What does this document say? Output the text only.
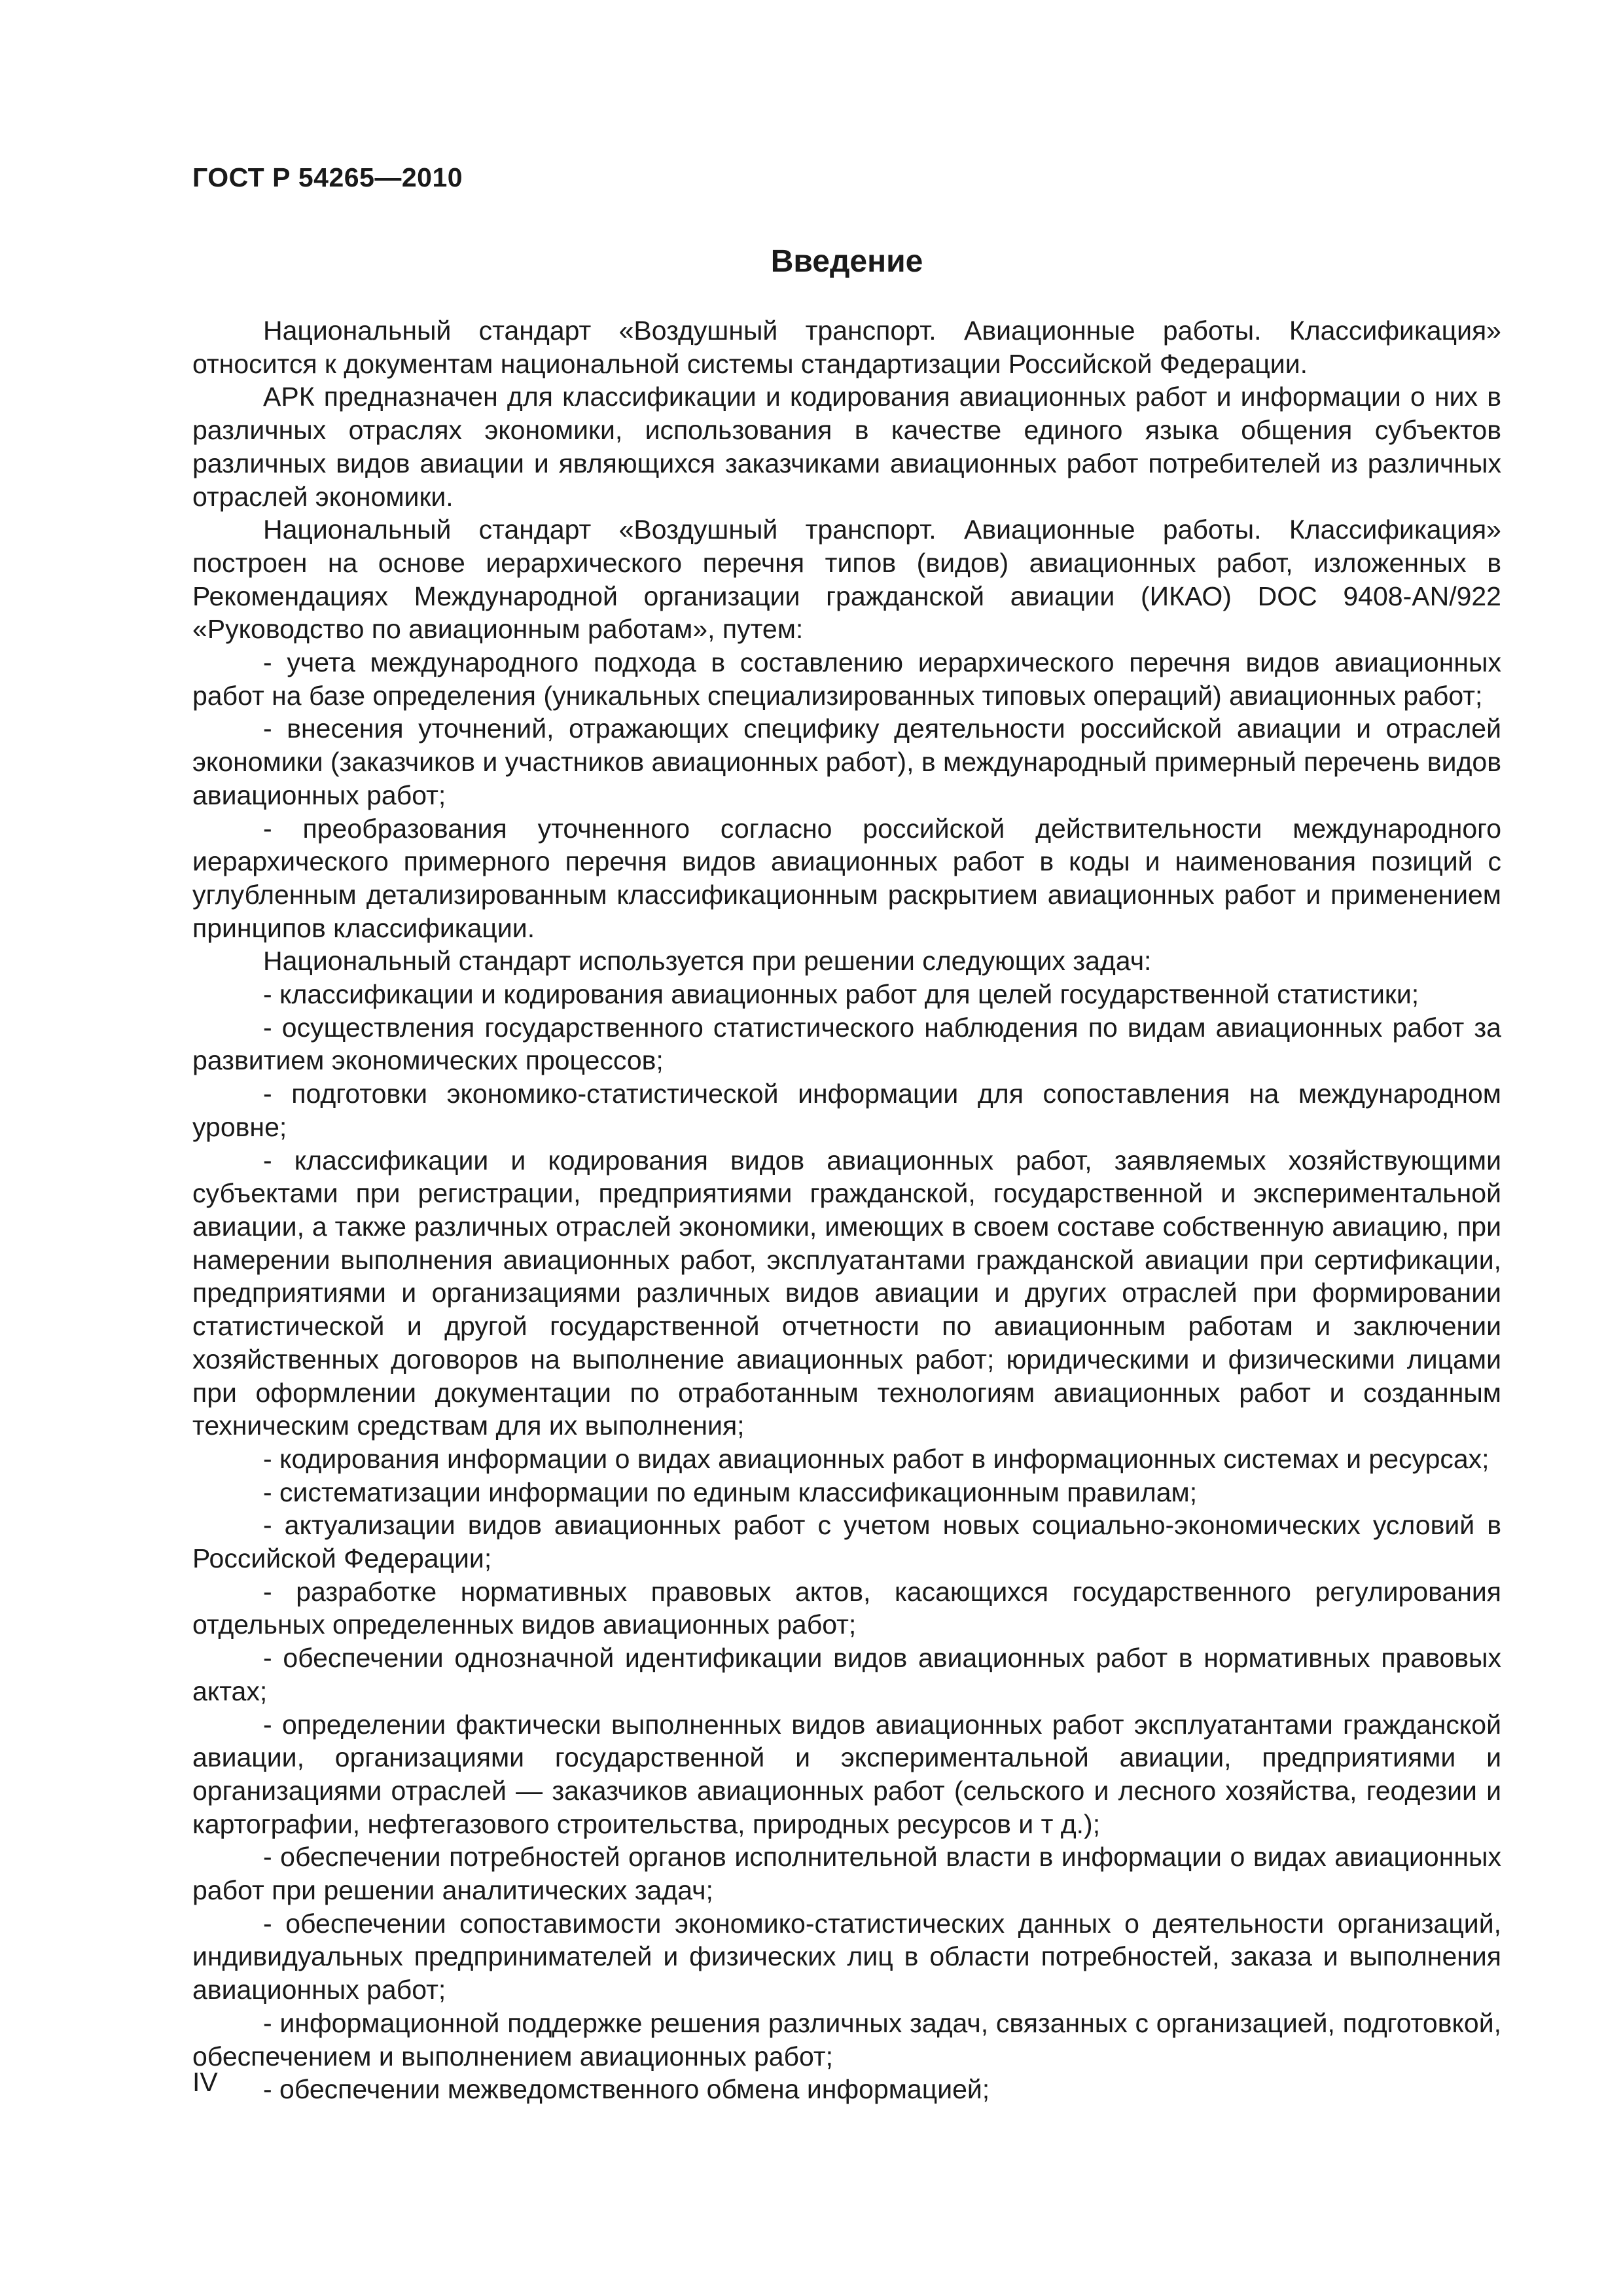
ГОСТ Р 54265—2010
Введение

Национальный стандарт «Воздушный транспорт. Авиационные работы. Классификация» относится к документам национальной системы стандартизации Российской Федерации.

АРК предназначен для классификации и кодирования авиационных работ и информации о них в различных отраслях экономики, использования в качестве единого языка общения субъектов различных видов авиации и являющихся заказчиками авиационных работ потребителей из различных отраслей экономики.

Национальный стандарт «Воздушный транспорт. Авиационные работы. Классификация» построен на основе иерархического перечня типов (видов) авиационных работ, изложенных в Рекомендациях Международной организации гражданской авиации (ИКАО) DOC 9408-AN/922 «Руководство по авиационным работам», путем:

- учета международного подхода в составлению иерархического перечня видов авиационных работ на базе определения (уникальных специализированных типовых операций) авиационных работ;

- внесения уточнений, отражающих специфику деятельности российской авиации и отраслей экономики (заказчиков и участников авиационных работ), в международный примерный перечень видов авиационных работ;

- преобразования уточненного согласно российской действительности международного иерархического примерного перечня видов авиационных работ в коды и наименования позиций с углубленным детализированным классификационным раскрытием авиационных работ и применением принципов классификации.

Национальный стандарт используется при решении следующих задач:

- классификации и кодирования авиационных работ для целей государственной статистики;

- осуществления государственного статистического наблюдения по видам авиационных работ за развитием экономических процессов;

- подготовки экономико-статистической информации для сопоставления на международном уровне;

- классификации и кодирования видов авиационных работ, заявляемых хозяйствующими субъектами при регистрации, предприятиями гражданской, государственной и экспериментальной авиации, а также различных отраслей экономики, имеющих в своем составе собственную авиацию, при намерении выполнения авиационных работ, эксплуатантами гражданской авиации при сертификации, предприятиями и организациями различных видов авиации и других отраслей при формировании статистической и другой государственной отчетности по авиационным работам и заключении хозяйственных договоров на выполнение авиационных работ; юридическими и физическими лицами при оформлении документации по отработанным технологиям авиационных работ и созданным техническим средствам для их выполнения;

- кодирования информации о видах авиационных работ в информационных системах и ресурсах;

- систематизации информации по единым классификационным правилам;

- актуализации видов авиационных работ с учетом новых социально-экономических условий в Российской Федерации;

- разработке нормативных правовых актов, касающихся государственного регулирования отдельных определенных видов авиационных работ;

- обеспечении однозначной идентификации видов авиационных работ в нормативных правовых актах;

- определении фактически выполненных видов авиационных работ эксплуатантами гражданской авиации, организациями государственной и экспериментальной авиации, предприятиями и организациями отраслей — заказчиков авиационных работ (сельского и лесного хозяйства, геодезии и картографии, нефтегазового строительства, природных ресурсов и т д.);

- обеспечении потребностей органов исполнительной власти в информации о видах авиационных работ при решении аналитических задач;

- обеспечении сопоставимости экономико-статистических данных о деятельности организаций, индивидуальных предпринимателей и физических лиц в области потребностей, заказа и выполнения авиационных работ;

- информационной поддержке решения различных задач, связанных с организацией, подготовкой, обеспечением и выполнением авиационных работ;

- обеспечении межведомственного обмена информацией;

IV
